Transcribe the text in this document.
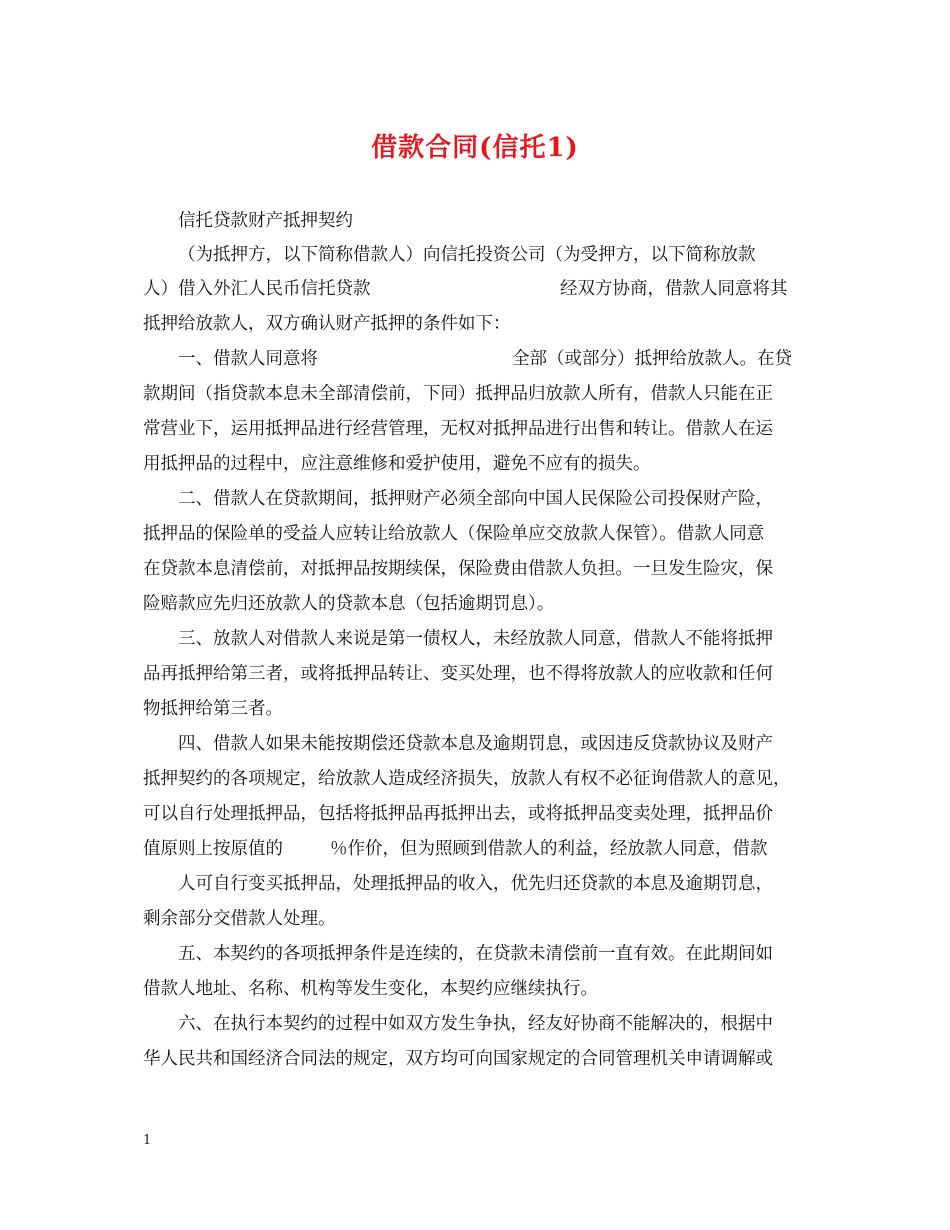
借款合同(信托1)
信托贷款财产抵押契约
（为抵押方，以下简称借款人）向信托投资公司（为受押方，以下简称放款
人）借入外汇人民币信托贷款	经双方协商，借款人同意将其
抵押给放款人，双方确认财产抵押的条件如下：
一、借款人同意将	全部（或部分）抵押给放款人。在贷
款期间（指贷款本息未全部清偿前，下同）抵押品归放款人所有，借款人只能在正
常营业下，运用抵押品进行经营管理，无权对抵押品进行出售和转让。借款人在运
用抵押品的过程中，应注意维修和爱护使用，避免不应有的损失。
二、借款人在贷款期间，抵押财产必须全部向中国人民保险公司投保财产险，
抵押品的保险单的受益人应转让给放款人（保险单应交放款人保管）。借款人同意
在贷款本息清偿前，对抵押品按期续保，保险费由借款人负担。一旦发生险灾，保
险赔款应先归还放款人的贷款本息（包括逾期罚息）。
三、放款人对借款人来说是第一债权人，未经放款人同意，借款人不能将抵押
品再抵押给第三者，或将抵押品转让、变买处理，也不得将放款人的应收款和任何
物抵押给第三者。
四、借款人如果未能按期偿还贷款本息及逾期罚息，或因违反贷款协议及财产
抵押契约的各项规定，给放款人造成经济损失，放款人有权不必征询借款人的意见，
可以自行处理抵押品，包括将抵押品再抵押出去，或将抵押品变卖处理，抵押品价
值原则上按原值的	％作价，但为照顾到借款人的利益，经放款人同意，借款
人可自行变买抵押品，处理抵押品的收入，优先归还贷款的本息及逾期罚息，
剩余部分交借款人处理。
五、本契约的各项抵押条件是连续的，在贷款未清偿前一直有效。在此期间如
借款人地址、名称、机构等发生变化，本契约应继续执行。
六、在执行本契约的过程中如双方发生争执，经友好协商不能解决的，根据中
华人民共和国经济合同法的规定，双方均可向国家规定的合同管理机关申请调解或
1
